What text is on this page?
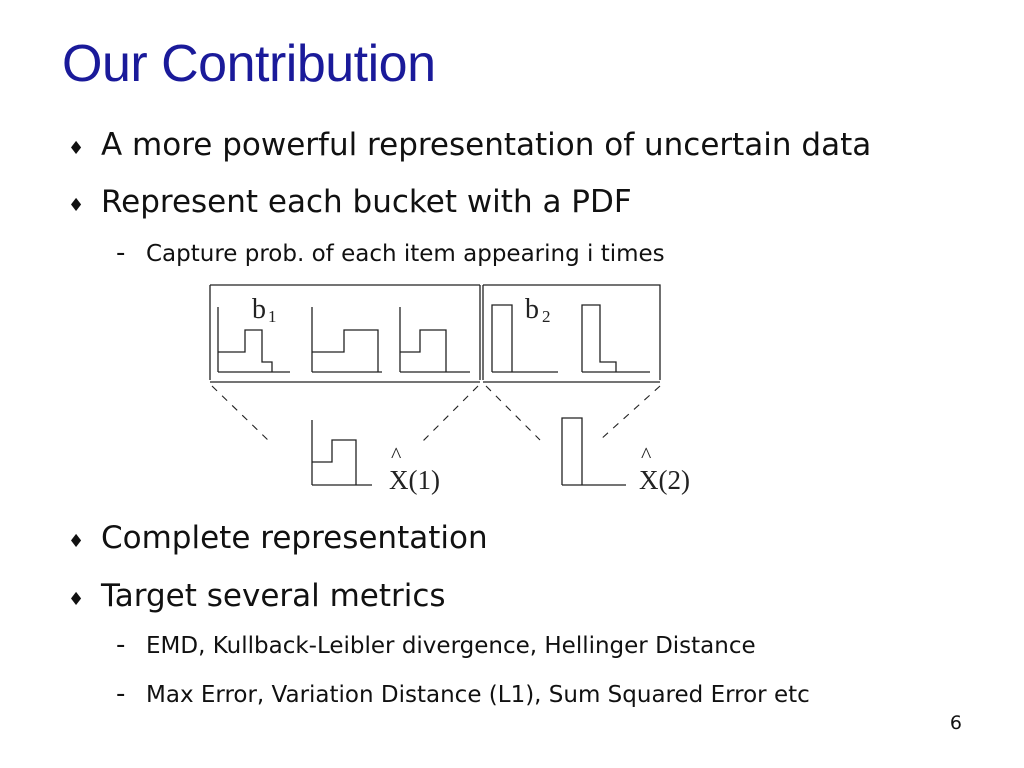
Our Contribution
♦ A more powerful representation of uncertain data
♦ Represent each bucket with a PDF
- Capture prob. of each item appearing i times
b 1	b 2
^
X(1)
^
X(2)
♦ Complete representation
♦ Target several metrics
- EMD, Kullback-Leibler divergence, Hellinger Distance
- Max Error, Variation Distance (L1), Sum Squared Error etc
6
